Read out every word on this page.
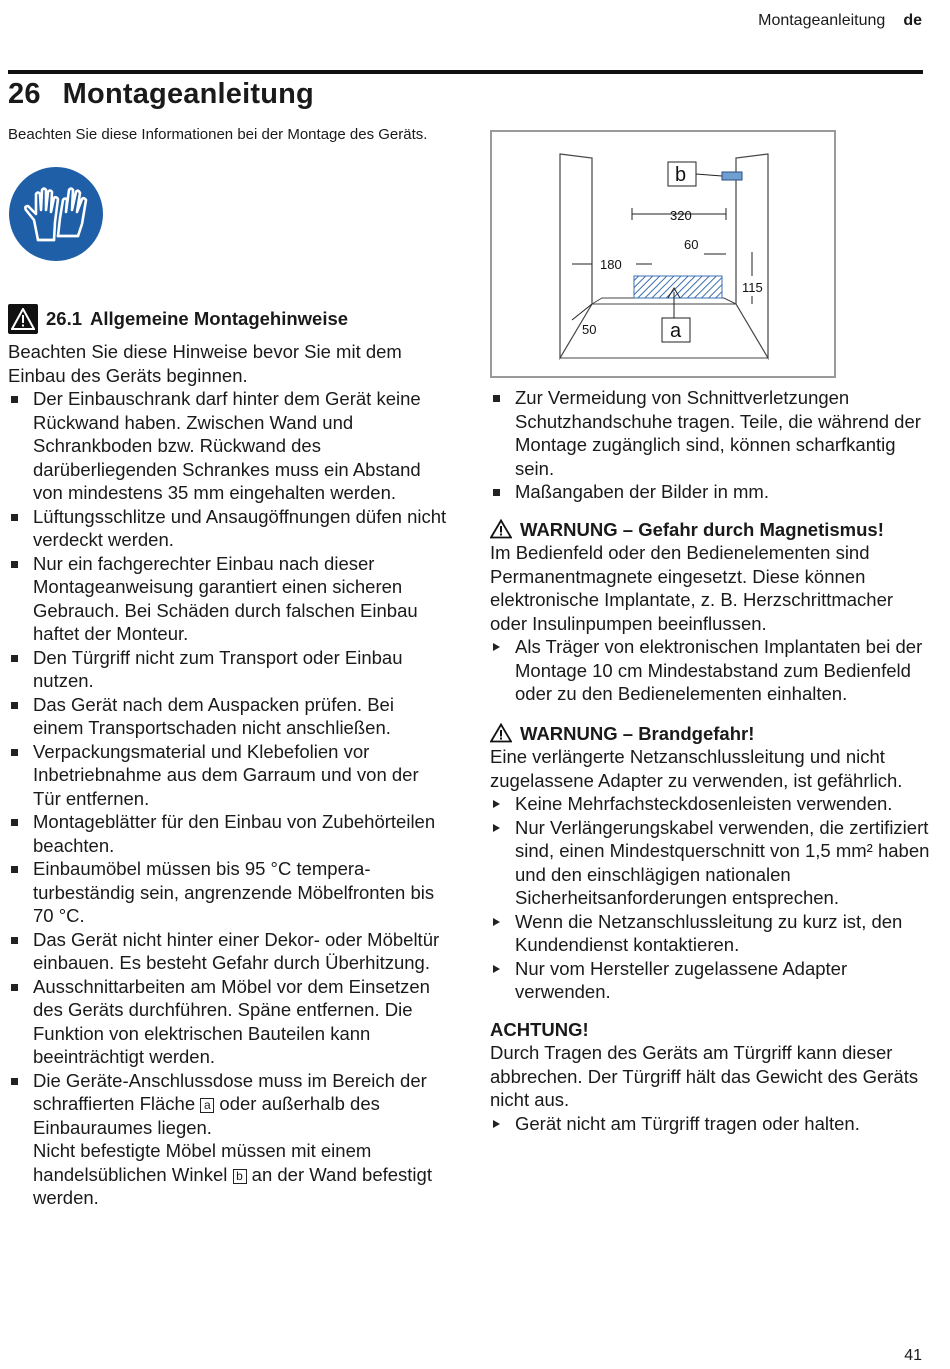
Montageanleitung de
26 Montageanleitung

Beachten Sie diese Informationen bei der Montage des Geräts.

26.1 Allgemeine Montagehinweise

Beachten Sie diese Hinweise bevor Sie mit dem Einbau des Geräts beginnen.

Der Einbauschrank darf hinter dem Gerät keine Rückwand haben. Zwischen Wand und Schrankboden bzw. Rückwand des darüberliegenden Schrankes muss ein Abstand von mindestens 35 mm eingehalten werden.
Lüftungsschlitze und Ansaugöffnungen düfen nicht verdeckt werden.
Nur ein fachgerechter Einbau nach dieser Montageanweisung garantiert einen sicheren Gebrauch. Bei Schäden durch falschen Einbau haftet der Monteur.
Den Türgriff nicht zum Transport oder Einbau nutzen.
Das Gerät nach dem Auspacken prüfen. Bei einem Transportschaden nicht anschließen.
Verpackungsmaterial und Klebefolien vor Inbetriebnahme aus dem Garraum und von der Tür entfernen.
Montageblätter für den Einbau von Zubehörteilen beachten.
Einbaumöbel müssen bis 95 °C temperaturbeständig sein, angrenzende Möbelfronten bis 70 °C.
Das Gerät nicht hinter einer Dekor- oder Möbeltür einbauen. Es besteht Gefahr durch Überhitzung.
Ausschnittarbeiten am Möbel vor dem Einsetzen des Geräts durchführen. Späne entfernen. Die Funktion von elektrischen Bauteilen kann beeinträchtigt werden.
Die Geräte-Anschlussdose muss im Bereich der schraffierten Fläche a oder außerhalb des Einbauraumes liegen.
Nicht befestigte Möbel müssen mit einem handelsüblichen Winkel b an der Wand befestigt werden.
320
60
180
115
50	a
b
Zur Vermeidung von Schnittverletzungen Schutzhandschuhe tragen. Teile, die während der Montage zugänglich sind, können scharfkantig sein.
Maßangaben der Bilder in mm.

WARNUNG – Gefahr durch Magnetismus!

Im Bedienfeld oder den Bedienelementen sind Permanentmagnete eingesetzt. Diese können elektronische Implantate, z. B. Herzschrittmacher oder Insulinpumpen beeinflussen.

Als Träger von elektronischen Implantaten bei der Montage 10 cm Mindestabstand zum Bedienfeld oder zu den Bedienelementen einhalten.

WARNUNG – Brandgefahr!

Eine verlängerte Netzanschlussleitung und nicht zugelassene Adapter zu verwenden, ist gefährlich.

Keine Mehrfachsteckdosenleisten verwenden.
Nur Verlängerungskabel verwenden, die zertifiziert sind, einen Mindestquerschnitt von 1,5 mm² haben und den einschlägigen nationalen Sicherheitsanforderungen entsprechen.
Wenn die Netzanschlussleitung zu kurz ist, den Kundendienst kontaktieren.
Nur vom Hersteller zugelassene Adapter verwenden.

ACHTUNG!

Durch Tragen des Geräts am Türgriff kann dieser abbrechen. Der Türgriff hält das Gewicht des Geräts nicht aus.

Gerät nicht am Türgriff tragen oder halten.
41
